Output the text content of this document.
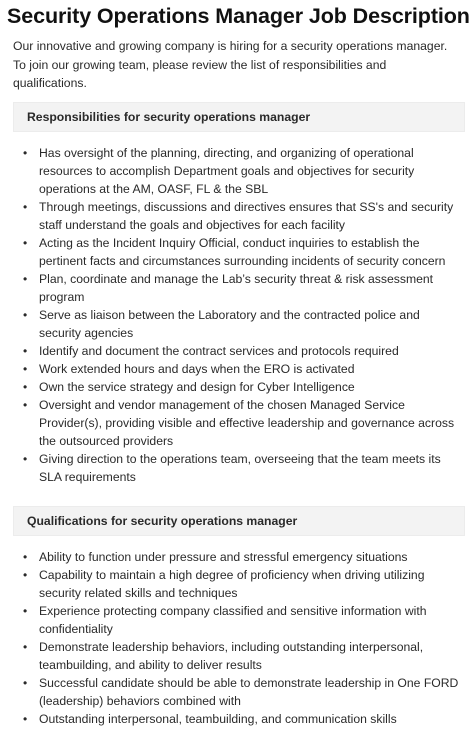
Security Operations Manager Job Description

Our innovative and growing company is hiring for a security operations manager. To join our growing team, please review the list of responsibilities and qualifications.

Responsibilities for security operations manager
• Has oversight of the planning, directing, and organizing of operational resources to accomplish Department goals and objectives for security operations at the AM, OASF, FL & the SBL
• Through meetings, discussions and directives ensures that SS's and security staff understand the goals and objectives for each facility
• Acting as the Incident Inquiry Official, conduct inquiries to establish the pertinent facts and circumstances surrounding incidents of security concern
• Plan, coordinate and manage the Lab’s security threat & risk assessment program
• Serve as liaison between the Laboratory and the contracted police and security agencies
• Identify and document the contract services and protocols required
• Work extended hours and days when the ERO is activated
• Own the service strategy and design for Cyber Intelligence
• Oversight and vendor management of the chosen Managed Service Provider(s), providing visible and effective leadership and governance across the outsourced providers
• Giving direction to the operations team, overseeing that the team meets its SLA requirements
Qualifications for security operations manager
• Ability to function under pressure and stressful emergency situations
• Capability to maintain a high degree of proficiency when driving utilizing security related skills and techniques
• Experience protecting company classified and sensitive information with confidentiality
• Demonstrate leadership behaviors, including outstanding interpersonal, teambuilding, and ability to deliver results
• Successful candidate should be able to demonstrate leadership in One FORD (leadership) behaviors combined with
• Outstanding interpersonal, teambuilding, and communication skills
